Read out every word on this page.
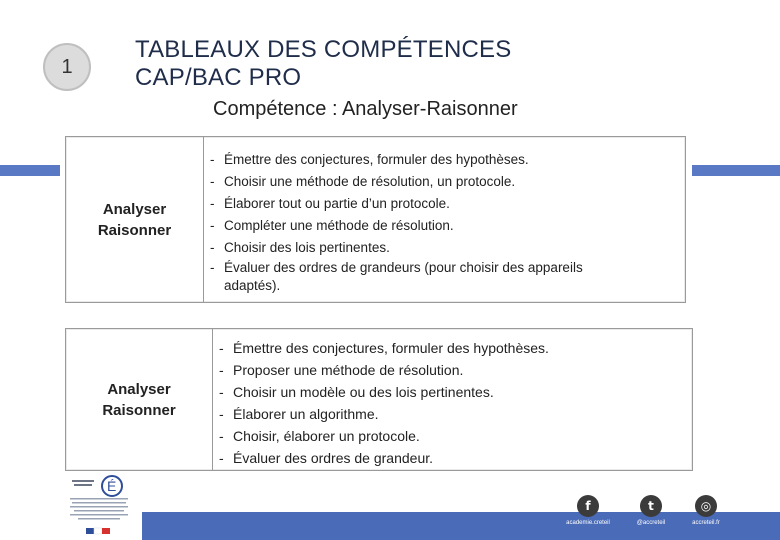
1
TABLEAUX DES COMPÉTENCES
CAP/BAC PRO
Compétence : Analyser-Raisonner
Analyser
Raisonner
- Émettre des conjectures, formuler des hypothèses.
- Choisir une méthode de résolution, un protocole.
- Élaborer tout ou partie d’un protocole.
- Compléter une méthode de résolution.
- Choisir des lois pertinentes.
- Évaluer des ordres de grandeurs (pour choisir des appareils adaptés).
Analyser
Raisonner
- Émettre des conjectures, formuler des hypothèses.
- Proposer une méthode de résolution.
- Choisir un modèle ou des lois pertinentes.
- Élaborer un algorithme.
- Choisir, élaborer un protocole.
- Évaluer des ordres de grandeur.
É
f
academie.creteil
t
@accreteil
◎
accreteil.fr
